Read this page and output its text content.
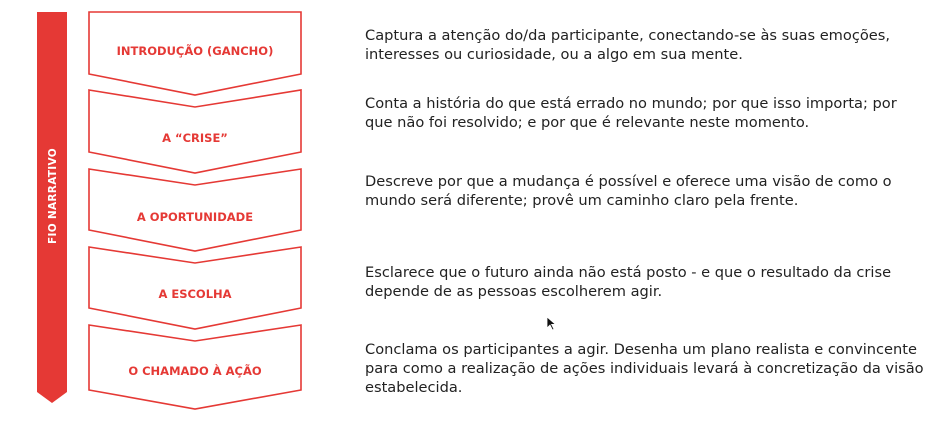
FIO NARRATIVO
INTRODUÇÃO (GANCHO)
A “CRISE”
A OPORTUNIDADE
A ESCOLHA
O CHAMADO À AÇÃO

Captura a atenção do/da participante, conectando-se às suas emoções, interesses ou curiosidade, ou a algo em sua mente.

Conta a história do que está errado no mundo; por que isso importa; por que não foi resolvido; e por que é relevante neste momento.

Descreve por que a mudança é possível e oferece uma visão de como o mundo será diferente; provê um caminho claro pela frente.

Esclarece que o futuro ainda não está posto - e que o resultado da crise depende de as pessoas escolherem agir.

Conclama os participantes a agir. Desenha um plano realista e convincente para como a realização de ações individuais levará à concretização da visão estabelecida.
